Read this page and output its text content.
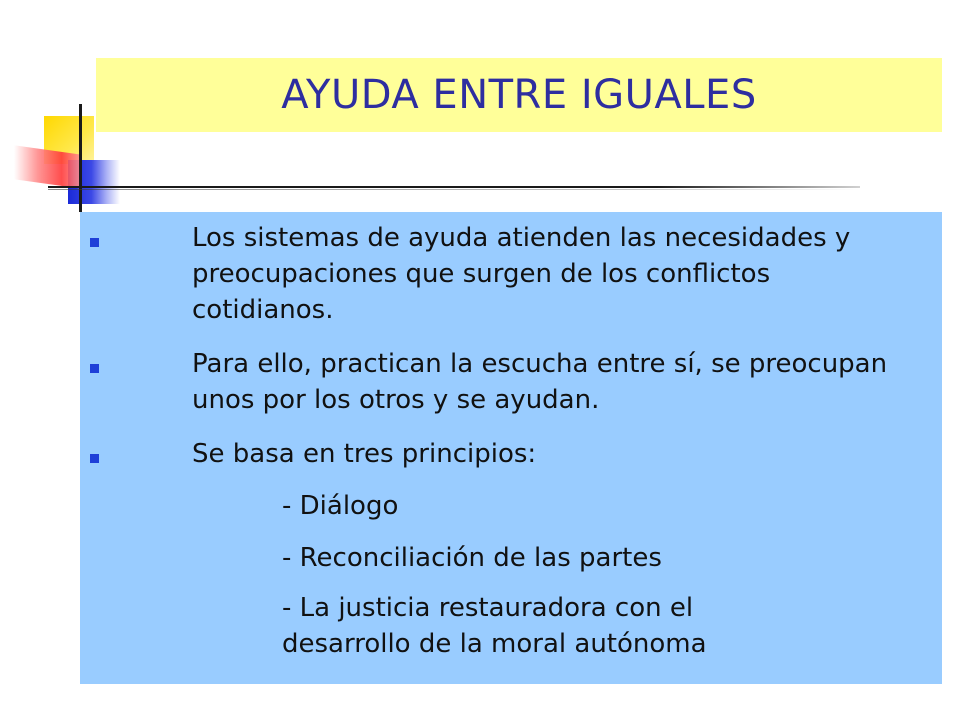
AYUDA ENTRE IGUALES
Los sistemas de ayuda atienden las necesidades y preocupaciones que surgen de los conflictos cotidianos.
Para ello, practican la escucha entre sí, se preocupan unos por los otros y se ayudan.
Se basa en tres principios:
- Diálogo
- Reconciliación de las partes
- La justicia restauradora con el
desarrollo de la moral autónoma
